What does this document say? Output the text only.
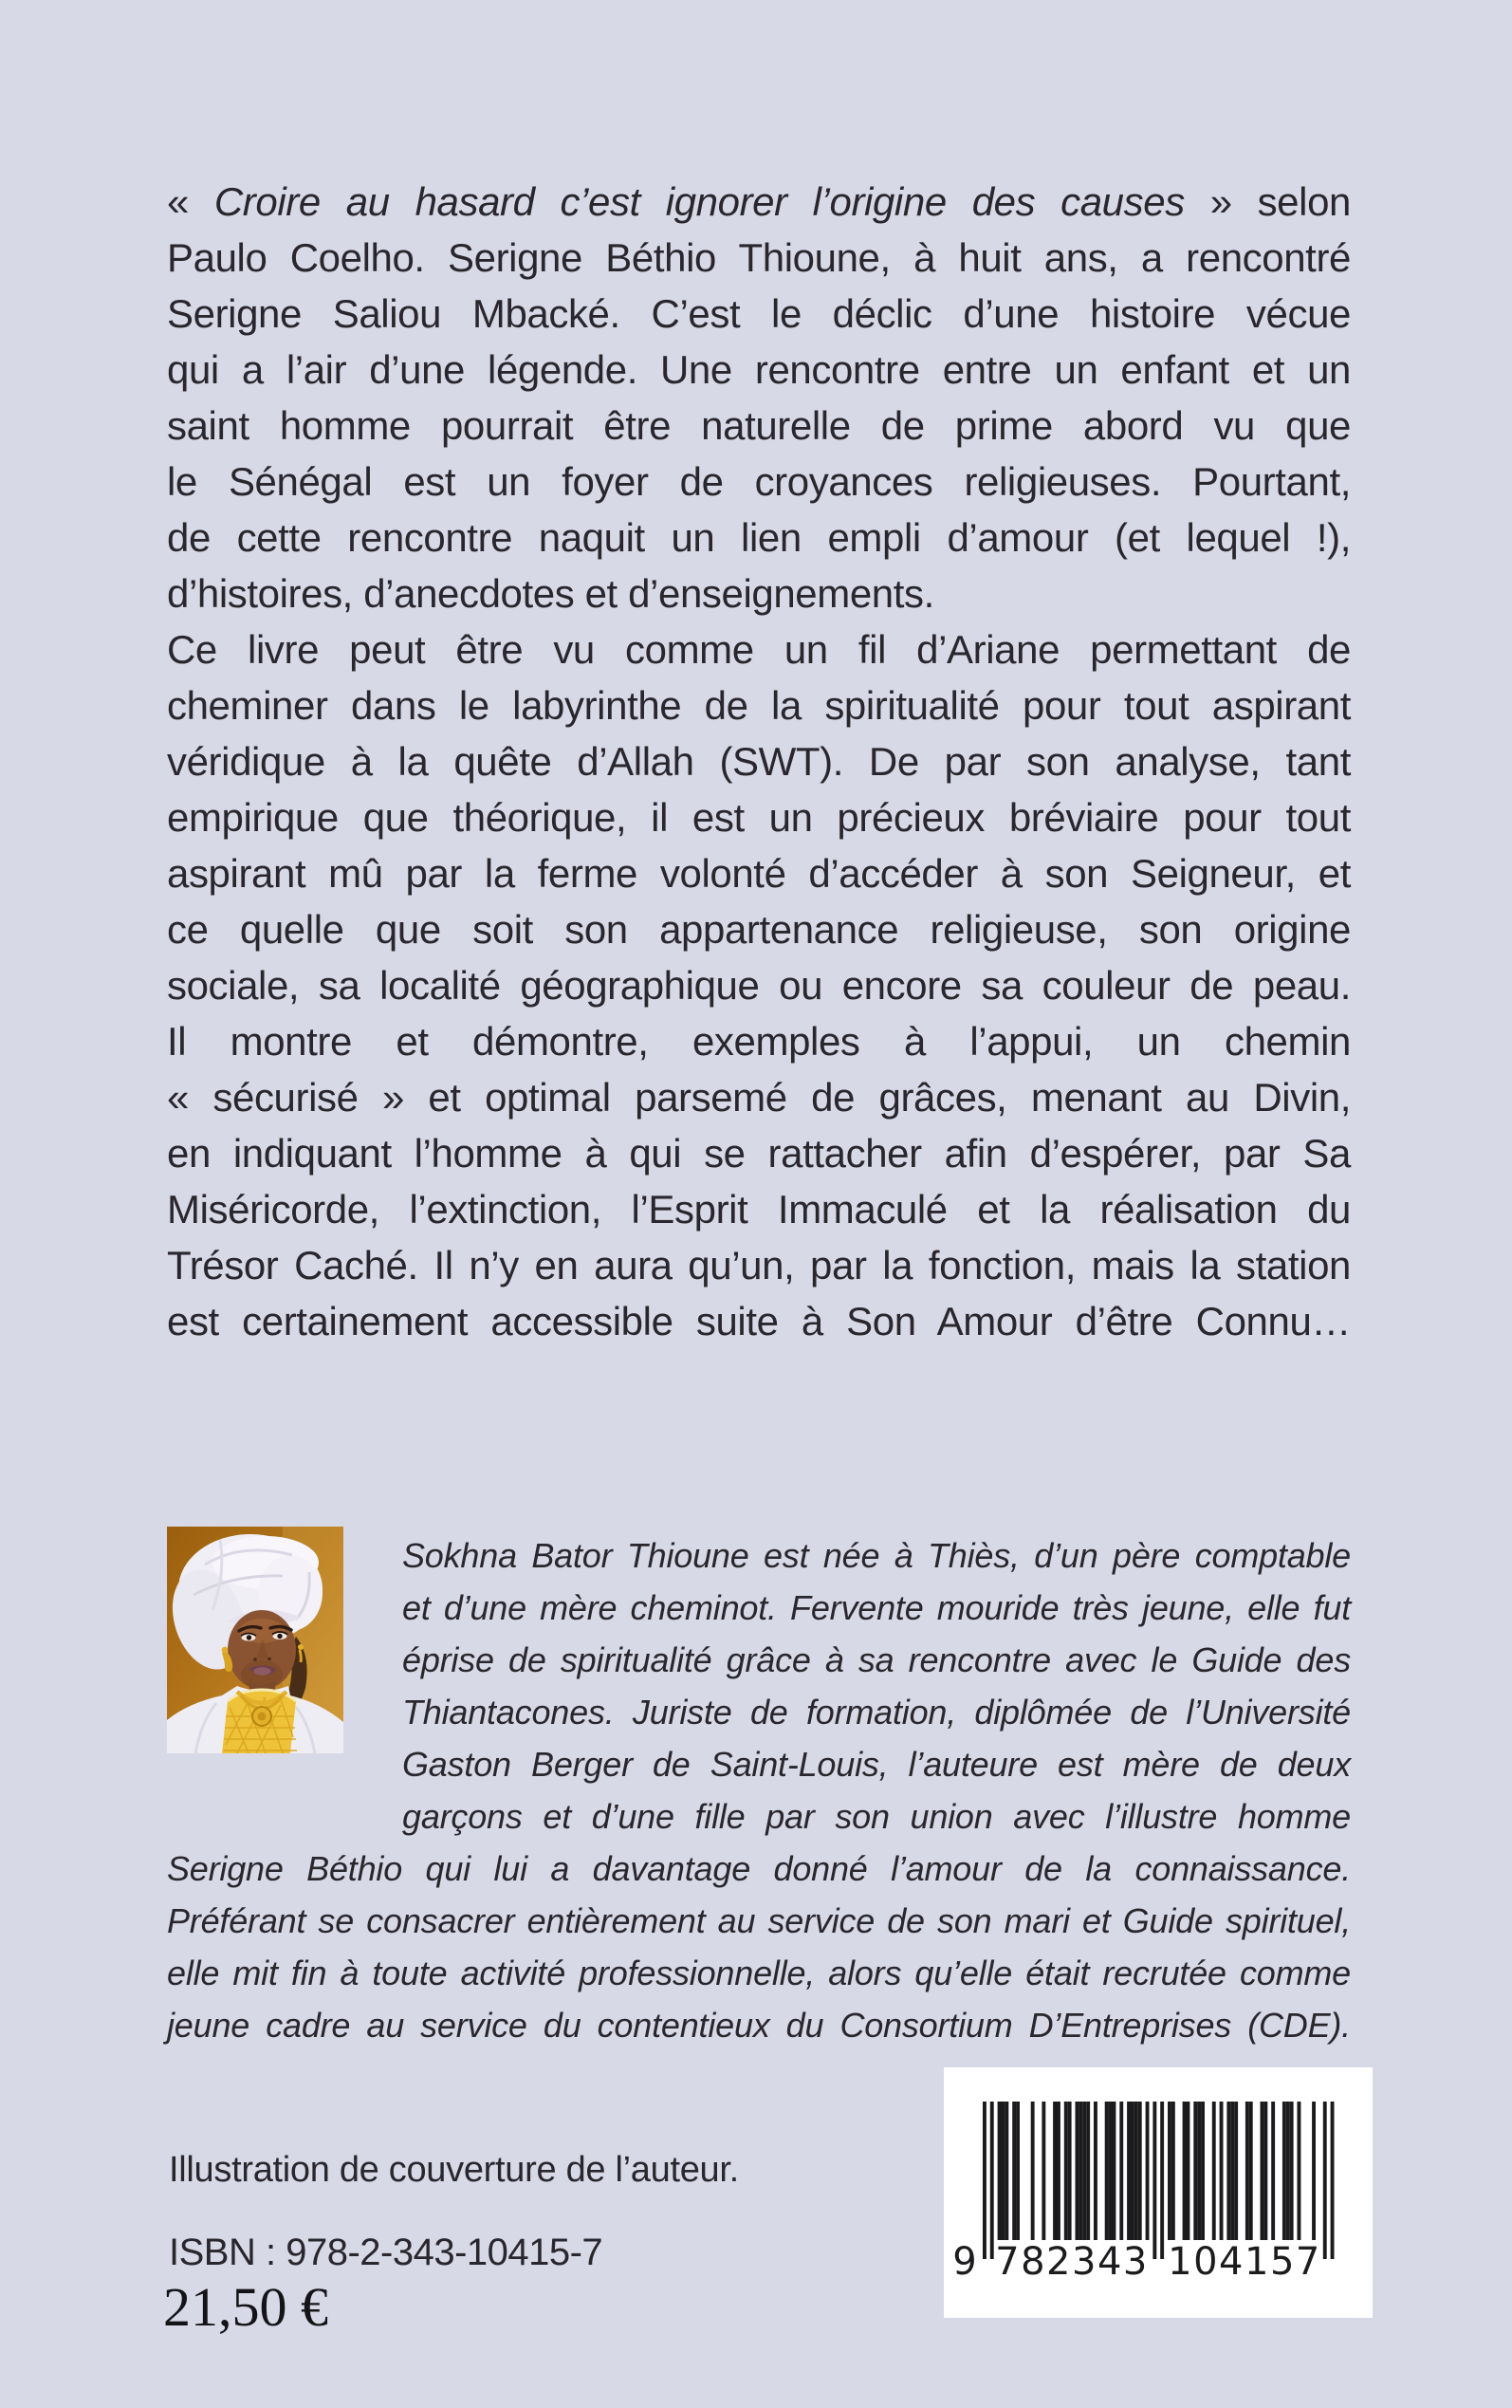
« Croire au hasard c’est ignorer l’origine des causes » selon
Paulo Coelho. Serigne Béthio Thioune, à huit ans, a rencontré
Serigne Saliou Mbacké. C’est le déclic d’une histoire vécue
qui a l’air d’une légende. Une rencontre entre un enfant et un
saint homme pourrait être naturelle de prime abord vu que
le Sénégal est un foyer de croyances religieuses. Pourtant,
de cette rencontre naquit un lien empli d’amour (et lequel !),
d’histoires, d’anecdotes et d’enseignements.
Ce livre peut être vu comme un fil d’Ariane permettant de
cheminer dans le labyrinthe de la spiritualité pour tout aspirant
véridique à la quête d’Allah (SWT). De par son analyse, tant
empirique que théorique, il est un précieux bréviaire pour tout
aspirant mû par la ferme volonté d’accéder à son Seigneur, et
ce quelle que soit son appartenance religieuse, son origine
sociale, sa localité géographique ou encore sa couleur de peau.
Il montre et démontre, exemples à l’appui, un chemin
« sécurisé » et optimal parsemé de grâces, menant au Divin,
en indiquant l’homme à qui se rattacher afin d’espérer, par Sa
Miséricorde, l’extinction, l’Esprit Immaculé et la réalisation du
Trésor Caché. Il n’y en aura qu’un, par la fonction, mais la station
est certainement accessible suite à Son Amour d’être Connu…
Sokhna Bator Thioune est née à Thiès, d’un père comptable
et d’une mère cheminot. Fervente mouride très jeune, elle fut
éprise de spiritualité grâce à sa rencontre avec le Guide des
Thiantacones. Juriste de formation, diplômée de l’Université
Gaston Berger de Saint-Louis, l’auteure est mère de deux
garçons et d’une fille par son union avec l’illustre homme
Serigne Béthio qui lui a davantage donné l’amour de la connaissance.
Préférant se consacrer entièrement au service de son mari et Guide spirituel,
elle mit fin à toute activité professionnelle, alors qu’elle était recrutée comme
jeune cadre au service du contentieux du Consortium D’Entreprises (CDE).
Illustration de couverture de l’auteur.
ISBN : 978-2-343-10415-7
21,50 €
9 782343 104157
